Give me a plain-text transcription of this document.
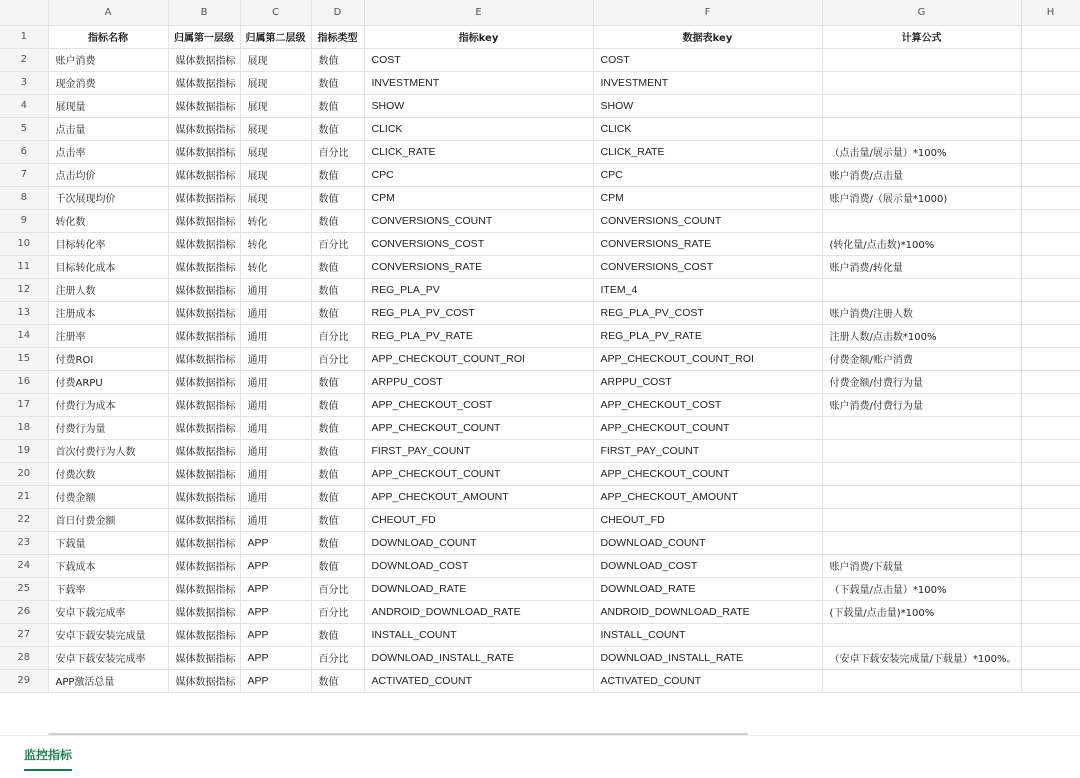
	A	B	C	D	E	F	G	H
1	指标名称	归属第一层级	归属第二层级	指标类型	指标key	数据表key	计算公式	
2	账户消费	媒体数据指标	展现	数值	COST	COST		
3	现金消费	媒体数据指标	展现	数值	INVESTMENT	INVESTMENT		
4	展现量	媒体数据指标	展现	数值	SHOW	SHOW		
5	点击量	媒体数据指标	展现	数值	CLICK	CLICK		
6	点击率	媒体数据指标	展现	百分比	CLICK_RATE	CLICK_RATE	（点击量/展示量）*100%	
7	点击均价	媒体数据指标	展现	数值	CPC	CPC	账户消费/点击量	
8	千次展现均价	媒体数据指标	展现	数值	CPM	CPM	账户消费/（展示量*1000)	
9	转化数	媒体数据指标	转化	数值	CONVERSIONS_COUNT	CONVERSIONS_COUNT		
10	目标转化率	媒体数据指标	转化	百分比	CONVERSIONS_COST	CONVERSIONS_RATE	(转化量/点击数)*100%	
11	目标转化成本	媒体数据指标	转化	数值	CONVERSIONS_RATE	CONVERSIONS_COST	账户消费/转化量	
12	注册人数	媒体数据指标	通用	数值	REG_PLA_PV	ITEM_4		
13	注册成本	媒体数据指标	通用	数值	REG_PLA_PV_COST	REG_PLA_PV_COST	账户消费/注册人数	
14	注册率	媒体数据指标	通用	百分比	REG_PLA_PV_RATE	REG_PLA_PV_RATE	注册人数/点击数*100%	
15	付费ROI	媒体数据指标	通用	百分比	APP_CHECKOUT_COUNT_ROI	APP_CHECKOUT_COUNT_ROI	付费金额/账户消费	
16	付费ARPU	媒体数据指标	通用	数值	ARPPU_COST	ARPPU_COST	付费金额/付费行为量	
17	付费行为成本	媒体数据指标	通用	数值	APP_CHECKOUT_COST	APP_CHECKOUT_COST	账户消费/付费行为量	
18	付费行为量	媒体数据指标	通用	数值	APP_CHECKOUT_COUNT	APP_CHECKOUT_COUNT		
19	首次付费行为人数	媒体数据指标	通用	数值	FIRST_PAY_COUNT	FIRST_PAY_COUNT		
20	付费次数	媒体数据指标	通用	数值	APP_CHECKOUT_COUNT	APP_CHECKOUT_COUNT		
21	付费金额	媒体数据指标	通用	数值	APP_CHECKOUT_AMOUNT	APP_CHECKOUT_AMOUNT		
22	首日付费金额	媒体数据指标	通用	数值	CHEOUT_FD	CHEOUT_FD		
23	下载量	媒体数据指标	APP	数值	DOWNLOAD_COUNT	DOWNLOAD_COUNT		
24	下载成本	媒体数据指标	APP	数值	DOWNLOAD_COST	DOWNLOAD_COST	账户消费/下载量	
25	下载率	媒体数据指标	APP	百分比	DOWNLOAD_RATE	DOWNLOAD_RATE	（下载量/点击量）*100%	
26	安卓下载完成率	媒体数据指标	APP	百分比	ANDROID_DOWNLOAD_RATE	ANDROID_DOWNLOAD_RATE	(下载量/点击量)*100%	
27	安卓下载安装完成量	媒体数据指标	APP	数值	INSTALL_COUNT	INSTALL_COUNT		
28	安卓下载安装完成率	媒体数据指标	APP	百分比	DOWNLOAD_INSTALL_RATE	DOWNLOAD_INSTALL_RATE	（安卓下载安装完成量/下载量）*100%。	
29	APP激活总量	媒体数据指标	APP	数值	ACTIVATED_COUNT	ACTIVATED_COUNT		
监控指标
